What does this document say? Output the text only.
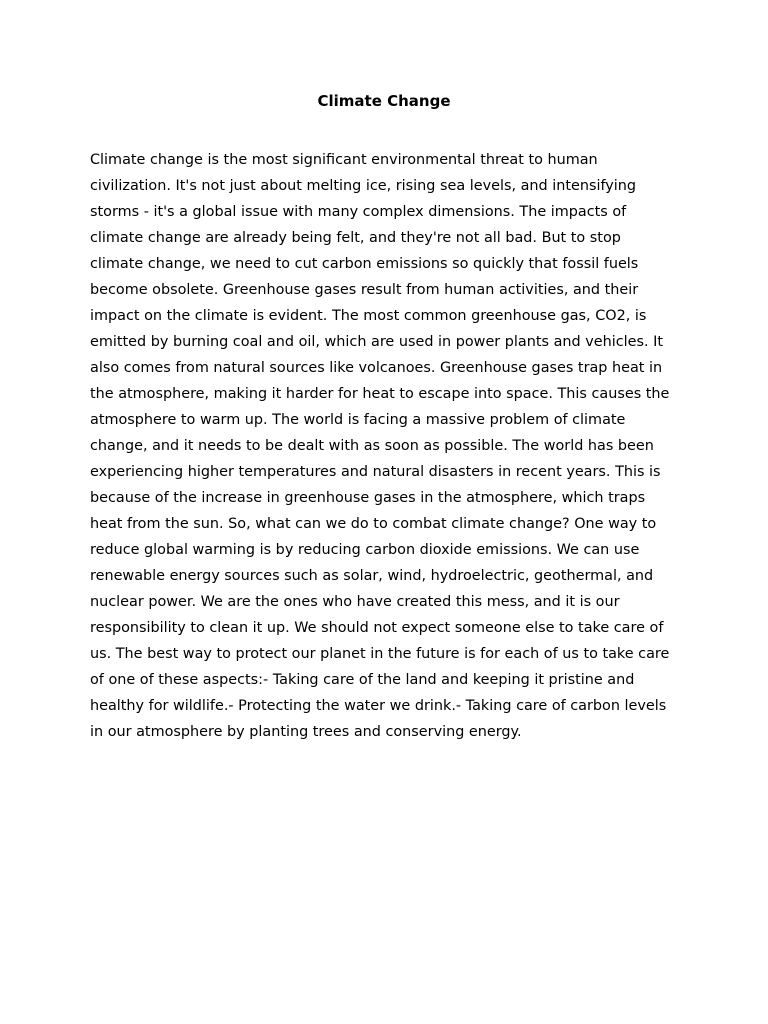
Climate Change

Climate change is the most significant environmental threat to human civilization. It's not just about melting ice, rising sea levels, and intensifying storms - it's a global issue with many complex dimensions. The impacts of climate change are already being felt, and they're not all bad. But to stop climate change, we need to cut carbon emissions so quickly that fossil fuels become obsolete. Greenhouse gases result from human activities, and their impact on the climate is evident. The most common greenhouse gas, CO2, is emitted by burning coal and oil, which are used in power plants and vehicles. It also comes from natural sources like volcanoes. Greenhouse gases trap heat in the atmosphere, making it harder for heat to escape into space. This causes the atmosphere to warm up. The world is facing a massive problem of climate change, and it needs to be dealt with as soon as possible. The world has been experiencing higher temperatures and natural disasters in recent years. This is because of the increase in greenhouse gases in the atmosphere, which traps heat from the sun. So, what can we do to combat climate change? One way to reduce global warming is by reducing carbon dioxide emissions. We can use renewable energy sources such as solar, wind, hydroelectric, geothermal, and nuclear power. We are the ones who have created this mess, and it is our responsibility to clean it up. We should not expect someone else to take care of us. The best way to protect our planet in the future is for each of us to take care of one of these aspects:- Taking care of the land and keeping it pristine and healthy for wildlife.- Protecting the water we drink.- Taking care of carbon levels in our atmosphere by planting trees and conserving energy.
